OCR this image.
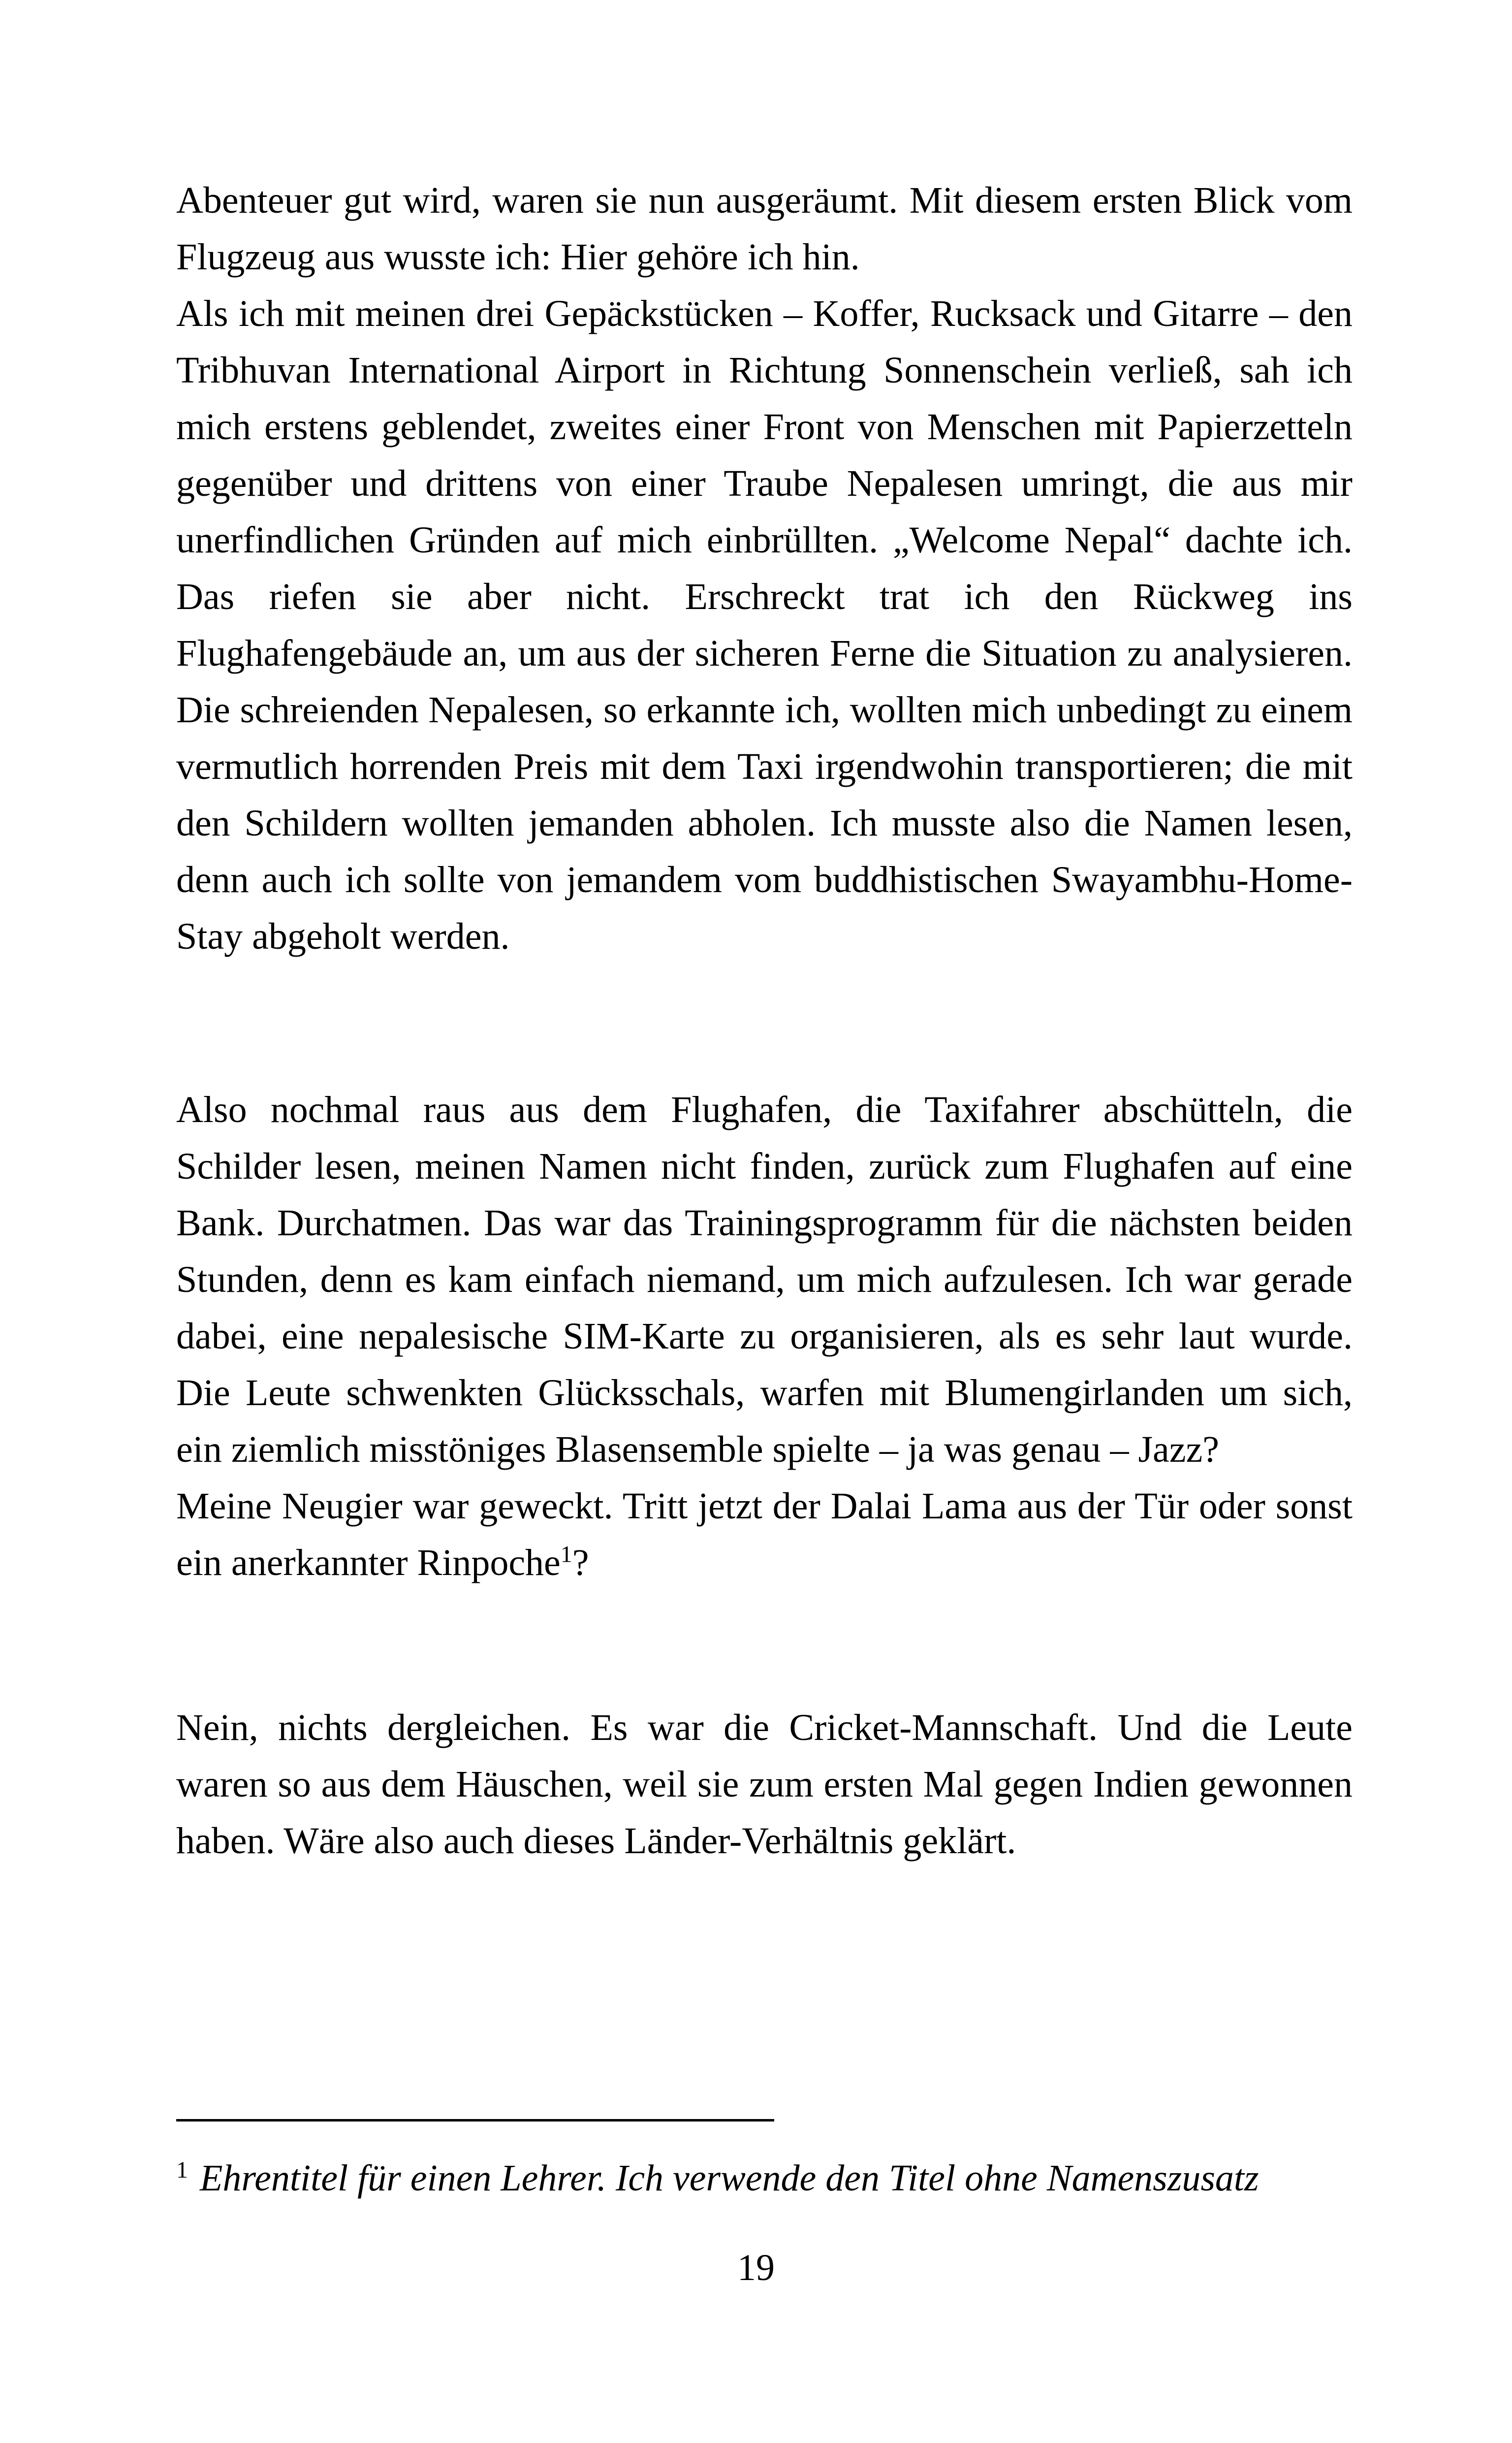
Abenteuer gut wird, waren sie nun ausgeräumt. Mit diesem ersten Blick vom Flugzeug aus wusste ich: Hier gehöre ich hin.

Als ich mit meinen drei Gepäckstücken – Koffer, Rucksack und Gitarre – den Tribhuvan International Airport in Richtung Sonnenschein verließ, sah ich mich erstens geblendet, zweites einer Front von Menschen mit Papierzetteln gegenüber und drittens von einer Traube Nepalesen umringt, die aus mir unerfindlichen Gründen auf mich einbrüllten. „Welcome Nepal“ dachte ich. Das riefen sie aber nicht. Erschreckt trat ich den Rückweg ins Flughafengebäude an, um aus der sicheren Ferne die Situation zu analysieren. Die schreienden Nepalesen, so erkannte ich, wollten mich unbedingt zu einem vermutlich horrenden Preis mit dem Taxi irgendwohin transportieren; die mit den Schildern wollten jemanden abholen. Ich musste also die Namen lesen, denn auch ich sollte von jemandem vom buddhistischen Swayambhu-Home-Stay abgeholt werden.

Also nochmal raus aus dem Flughafen, die Taxifahrer abschütteln, die Schilder lesen, meinen Namen nicht finden, zurück zum Flughafen auf eine Bank. Durchatmen. Das war das Trainingsprogramm für die nächsten beiden Stunden, denn es kam einfach niemand, um mich aufzulesen. Ich war gerade dabei, eine nepalesische SIM-Karte zu organisieren, als es sehr laut wurde. Die Leute schwenkten Glücksschals, warfen mit Blumengirlanden um sich, ein ziemlich misstöniges Blasensemble spielte – ja was genau – Jazz?

Meine Neugier war geweckt. Tritt jetzt der Dalai Lama aus der Tür oder sonst ein anerkannter Rinpoche$^1$?

Nein, nichts dergleichen. Es war die Cricket-Mannschaft. Und die Leute waren so aus dem Häuschen, weil sie zum ersten Mal gegen Indien gewonnen haben. Wäre also auch dieses Länder-Verhältnis geklärt.

$^1$ Ehrentitel für einen Lehrer. Ich verwende den Titel ohne Namenszusatz
19
